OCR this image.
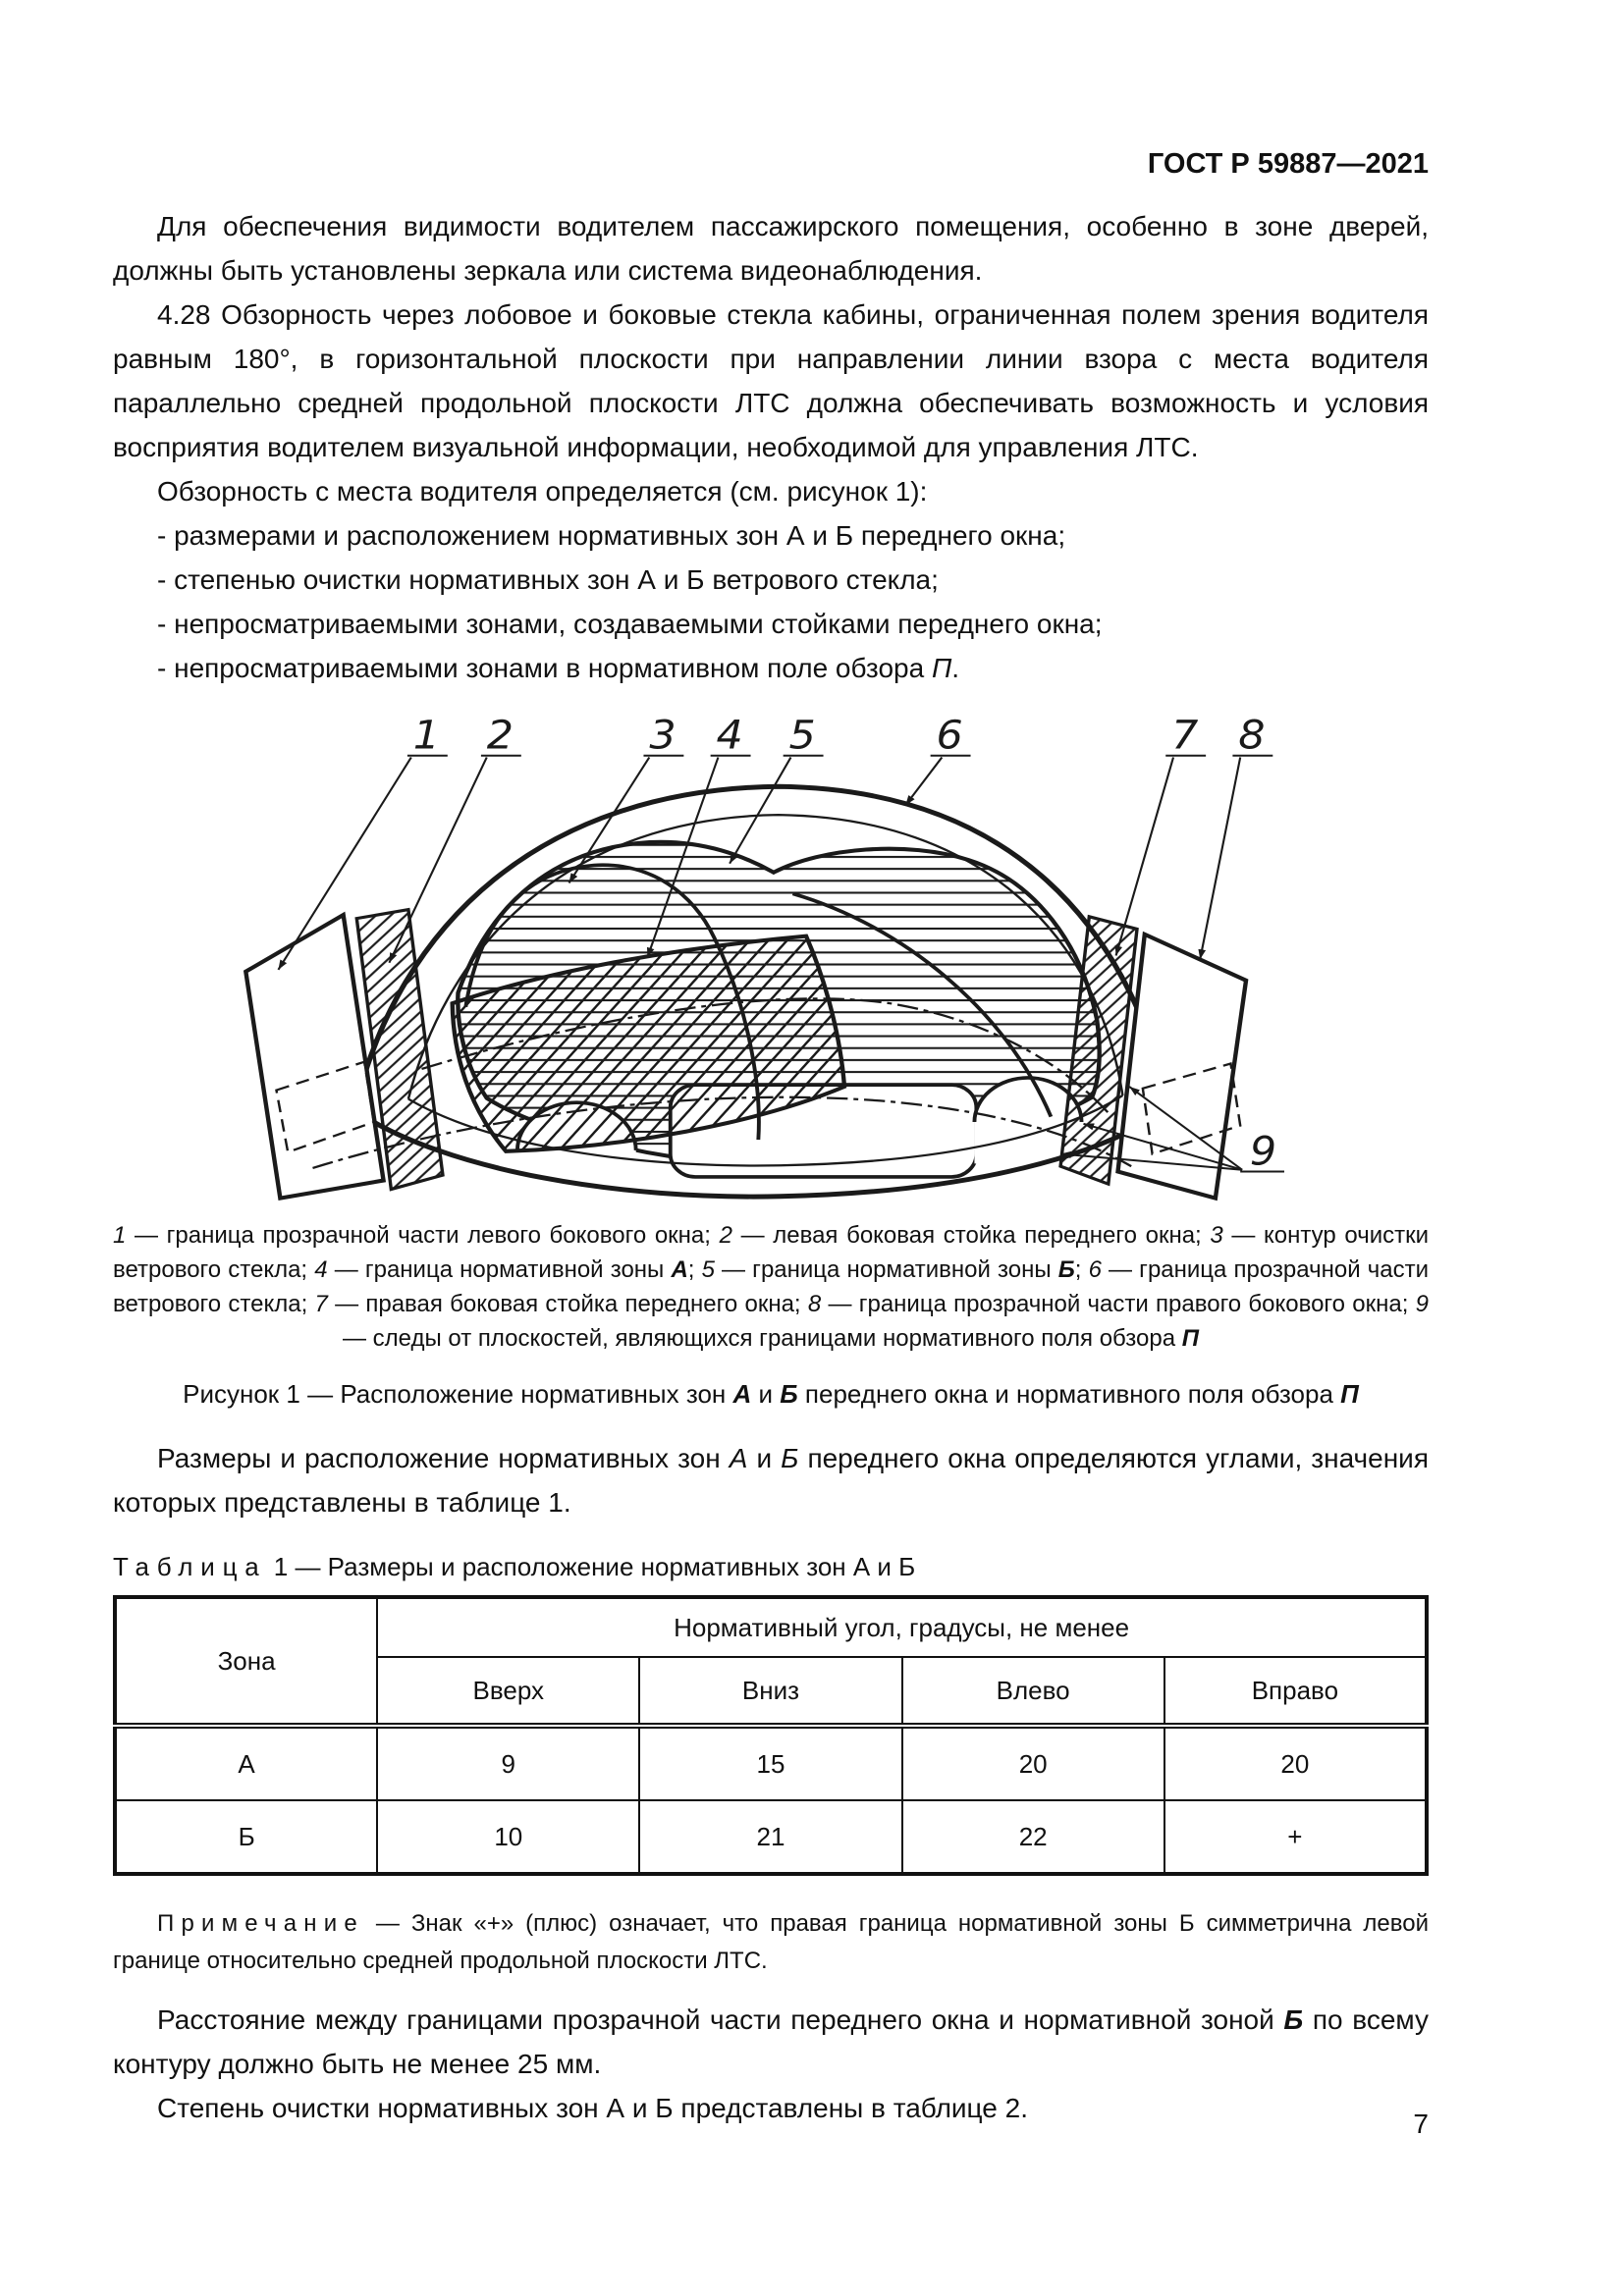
ГОСТ Р 59887—2021

Для обеспечения видимости водителем пассажирского помещения, особенно в зоне дверей, должны быть установлены зеркала или система видеонаблюдения.

4.28 Обзорность через лобовое и боковые стекла кабины, ограниченная полем зрения водителя равным 180°, в горизонтальной плоскости при направлении линии взора с места водителя параллельно средней продольной плоскости ЛТС должна обеспечивать возможность и условия восприятия водителем визуальной информации, необходимой для управления ЛТС.

Обзорность с места водителя определяется (см. рисунок 1):

- размерами и расположением нормативных зон А и Б переднего окна;
- степенью очистки нормативных зон А и Б ветрового стекла;
- непросматриваемыми зонами, создаваемыми стойками переднего окна;
- непросматриваемыми зонами в нормативном поле обзора П.
1 2	3 4 5	6	7 8
9
1 — граница прозрачной части левого бокового окна; 2 — левая боковая стойка переднего окна; 3 — контур очистки ветрового стекла; 4 — граница нормативной зоны А; 5 — граница нормативной зоны Б; 6 — граница прозрачной части ветрового стекла; 7 — правая боковая стойка переднего окна; 8 — граница прозрачной части правого бокового окна; 9 — следы от плоскостей, являющихся границами нормативного поля обзора П
Рисунок 1 — Расположение нормативных зон А и Б переднего окна и нормативного поля обзора П

Размеры и расположение нормативных зон А и Б переднего окна определяются углами, значения которых представлены в таблице 1.

Таблица 1 — Размеры и расположение нормативных зон А и Б
Зона	Нормативный угол, градусы, не менее			
	Вверх	Вниз	Влево	Вправо
А	9	15	20	20
Б	10	21	22	+
Примечание — Знак «+» (плюс) означает, что правая граница нормативной зоны Б симметрична левой границе относительно средней продольной плоскости ЛТС.

Расстояние между границами прозрачной части переднего окна и нормативной зоной Б по всему контуру должно быть не менее 25 мм.

Степень очистки нормативных зон А и Б представлены в таблице 2.

7
